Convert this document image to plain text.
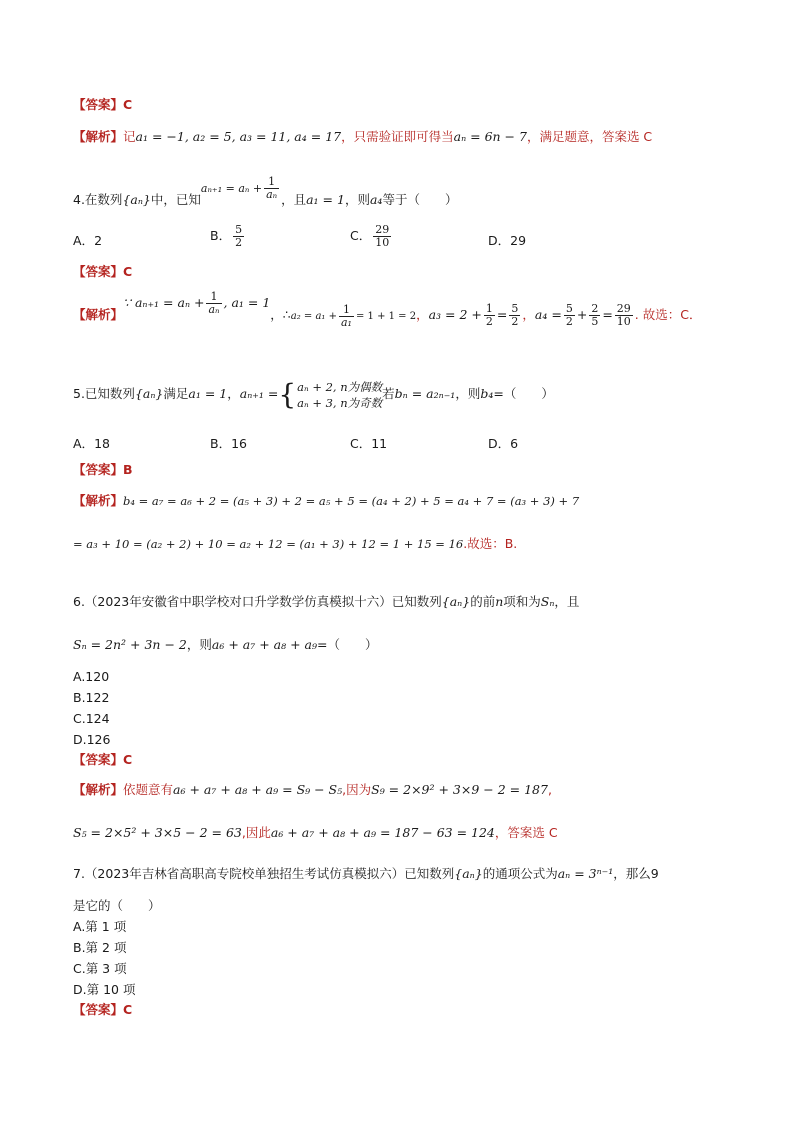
【答案】C
【解析】记a₁ = −1, a₂ = 5, a₃ = 11, a₄ = 17，只需验证即可得当aₙ = 6n − 7，满足题意，答案选 C
4.在数列{aₙ}中，已知$a_{n+1} = a_n + \frac{1}{\text{aₙ}}$ ，且a₁ = 1，则a₄等于（　　）
A．2	B． $\frac{5}{2}$	C． $\frac{29}{10}$	D．29
【答案】C
【解析】∵ $a_{n+1} = a_n + \frac{1}{\text{aₙ}}$ , a₁ = 1，∴a₂ = $a_1 + \frac{1}{\text{a₁}} = 1 + 1 = 2$，$a_3 = 2 + \frac{1}{2} = \frac{5}{2}$ ，$a_4 = \frac{5}{2} + \frac{2}{5} = \frac{29}{10}$ . 故选：C．
5.已知数列{aₙ}满足a₁ = 1，aₙ₊₁ ={ aₙ + 2, n为偶数
aₙ + 3, n为奇数
若bₙ = a₂ₙ₋₁，则b₄=（　　）
A．18	B．16	C．11	D．6
【答案】B
【解析】b₄ = a₇ = a₆ + 2 = (a₅ + 3) + 2 = a₅ + 5 = (a₄ + 2) + 5 = a₄ + 7 = (a₃ + 3) + 7
= a₃ + 10 = (a₂ + 2) + 10 = a₂ + 12 = (a₁ + 3) + 12 = 1 + 15 = 16.故选：B.
6.（2023年安徽省中职学校对口升学数学仿真模拟十六）已知数列{aₙ}的前n项和为Sₙ，且
Sₙ = 2n² + 3n − 2，则a₆ + a₇ + a₈ + a₉=（　　）
A.120
B.122
C.124
D.126
【答案】C
【解析】依题意有a₆ + a₇ + a₈ + a₉ = S₉ − S₅,因为S₉ = 2×9² + 3×9 − 2 = 187,
S₅ = 2×5² + 3×5 − 2 = 63,因此a₆ + a₇ + a₈ + a₉ = 187 − 63 = 124，答案选 C
7.（2023年吉林省高职高专院校单独招生考试仿真模拟六）已知数列{aₙ}的通项公式为aₙ = 3ⁿ⁻¹，那么9
是它的（　　）
A.第 1 项
B.第 2 项
C.第 3 项
D.第 10 项
【答案】C
